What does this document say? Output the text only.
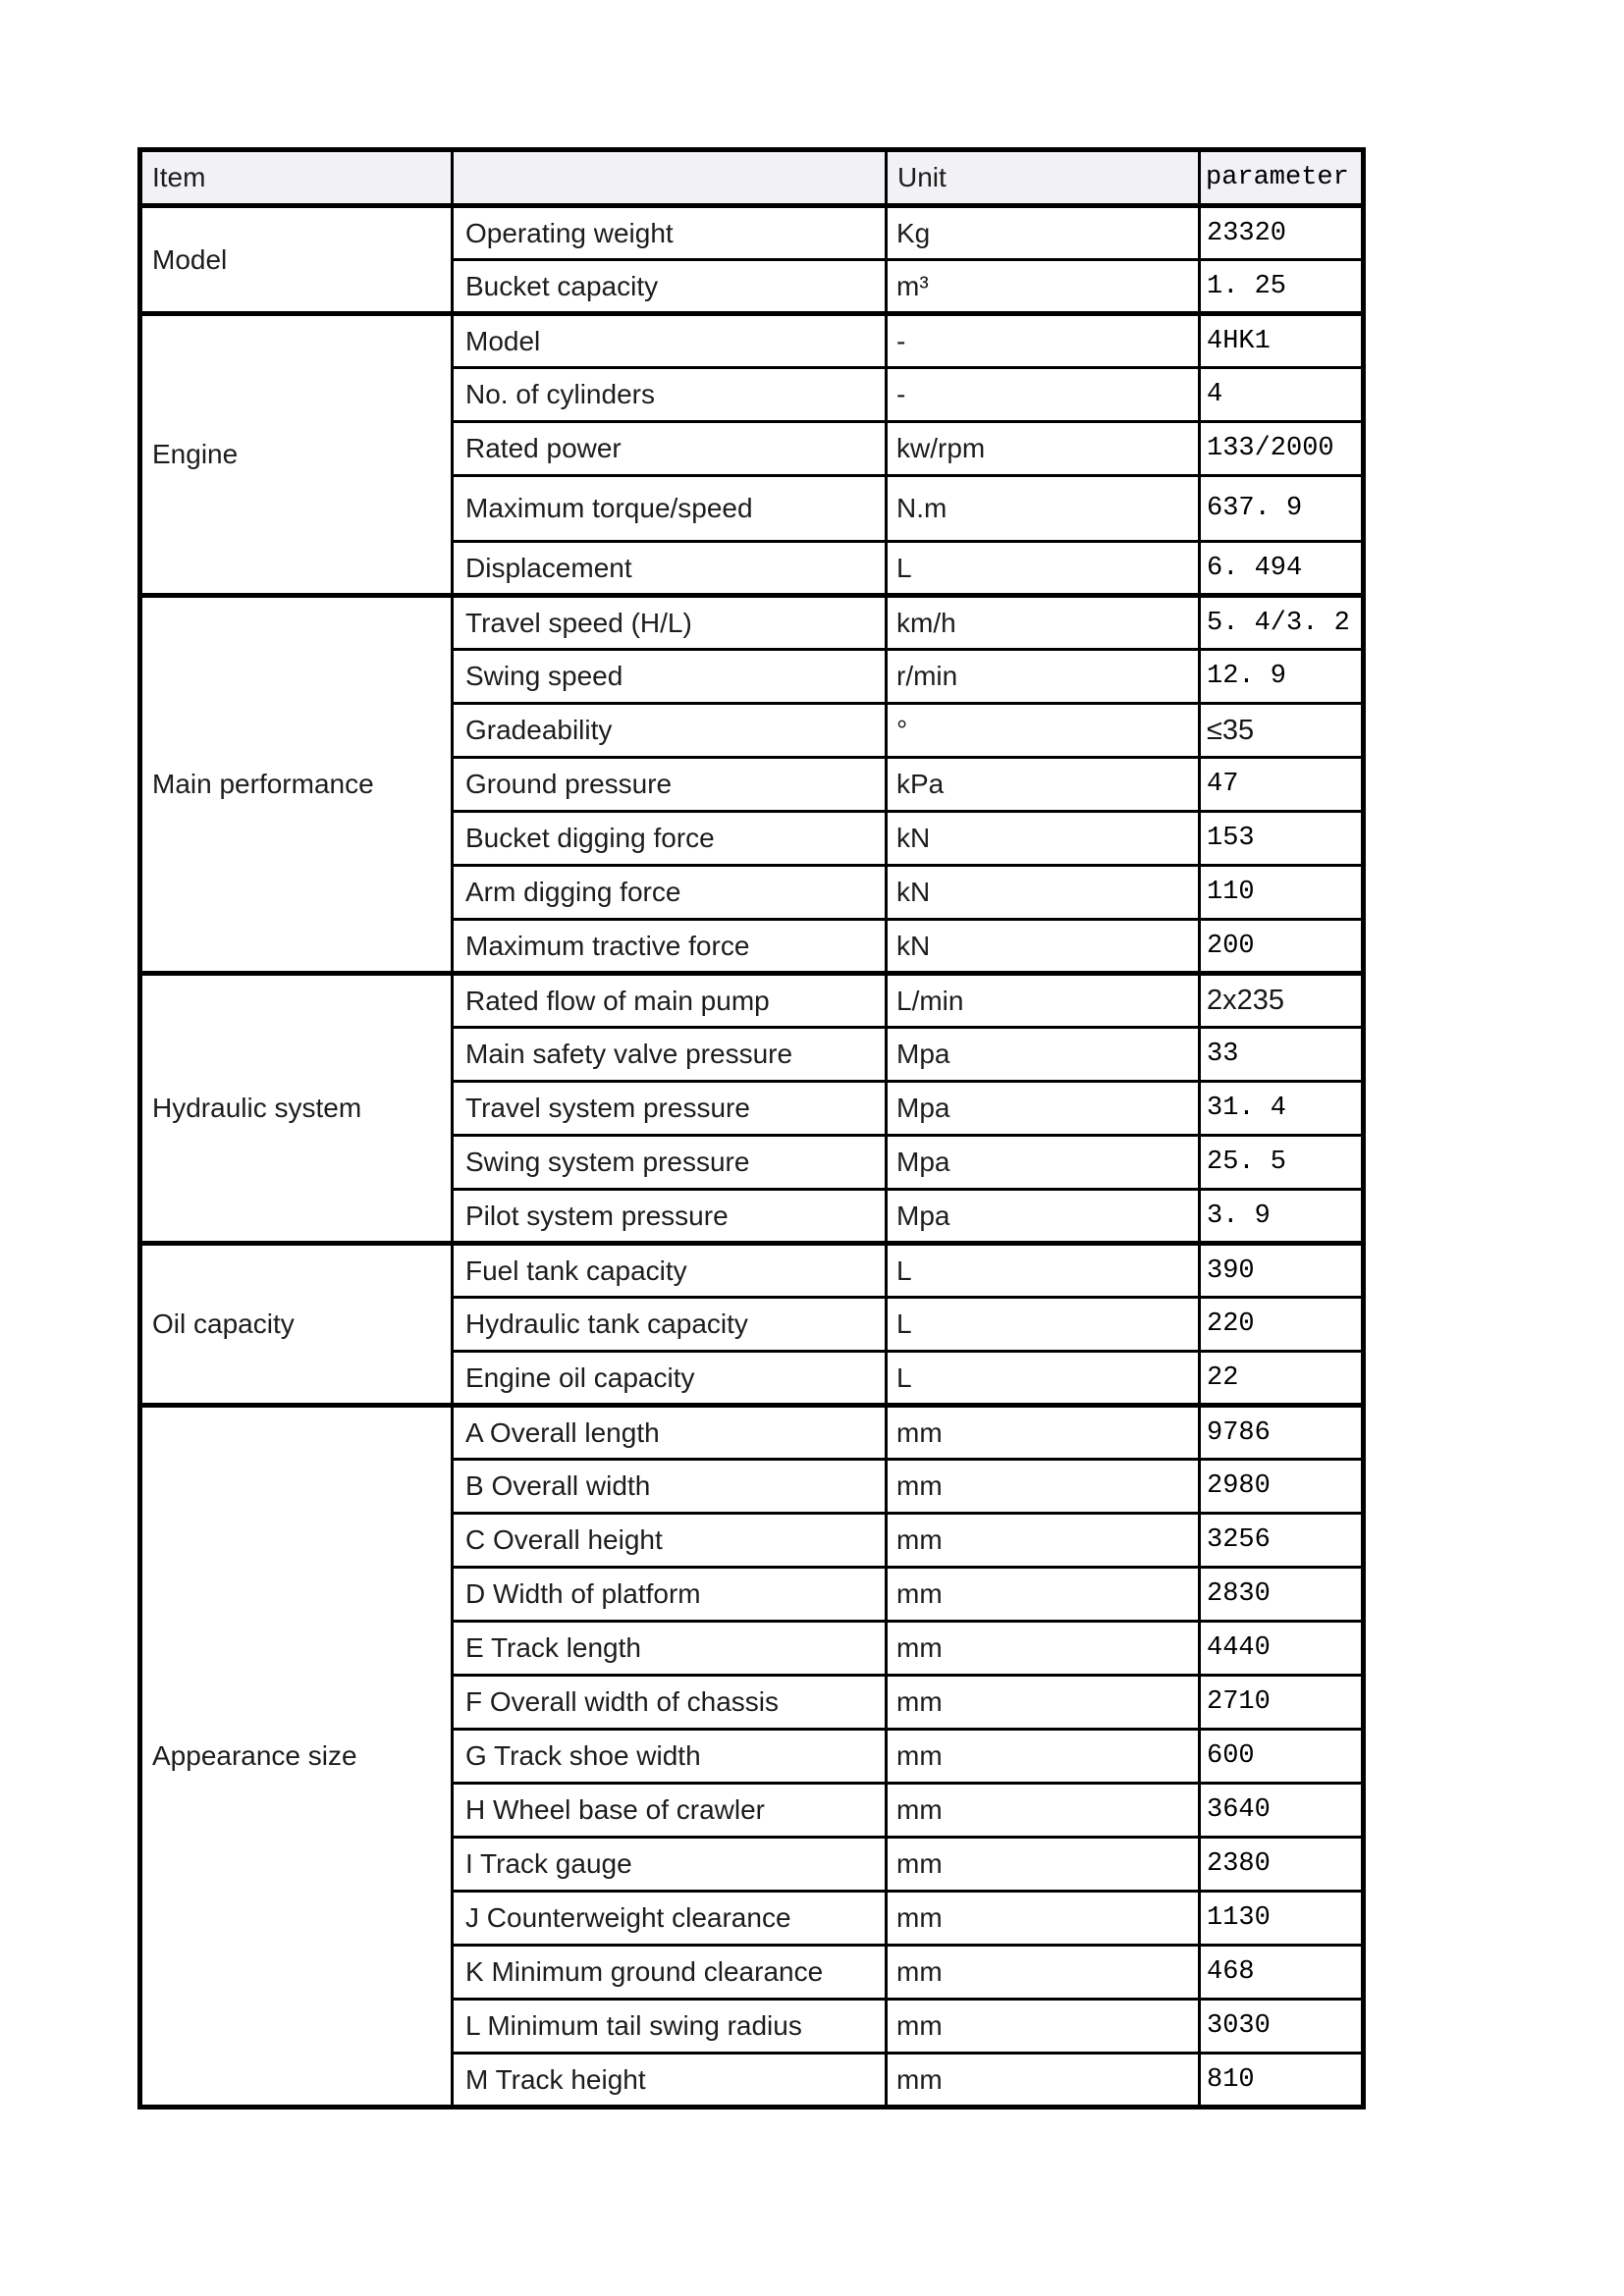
Item		Unit	parameter
Model	Operating weight	Kg	23320
	Bucket capacity	m³	1. 25
Engine	Model	-	4HK1
	No. of cylinders	-	4
	Rated power	kw/rpm	133/2000
	Maximum torque/speed	N.m	637. 9
	Displacement	L	6. 494
Main performance	Travel speed (H/L)	km/h	5. 4/3. 2
	Swing speed	r/min	12. 9
	Gradeability	°	≤35
	Ground pressure	kPa	47
	Bucket digging force	kN	153
	Arm digging force	kN	110
	Maximum tractive force	kN	200
Hydraulic system	Rated flow of main pump	L/min	2x235
	Main safety valve pressure	Mpa	33
	Travel system pressure	Mpa	31. 4
	Swing system pressure	Mpa	25. 5
	Pilot system pressure	Mpa	3. 9
Oil capacity	Fuel tank capacity	L	390
	Hydraulic tank capacity	L	220
	Engine oil capacity	L	22
Appearance size	A Overall length	mm	9786
	B Overall width	mm	2980
	C Overall height	mm	3256
	D Width of platform	mm	2830
	E Track length	mm	4440
	F Overall width of chassis	mm	2710
	G Track shoe width	mm	600
	H Wheel base of crawler	mm	3640
	I Track gauge	mm	2380
	J Counterweight clearance	mm	1130
	K Minimum ground clearance	mm	468
	L Minimum tail swing radius	mm	3030
	M Track height	mm	810
